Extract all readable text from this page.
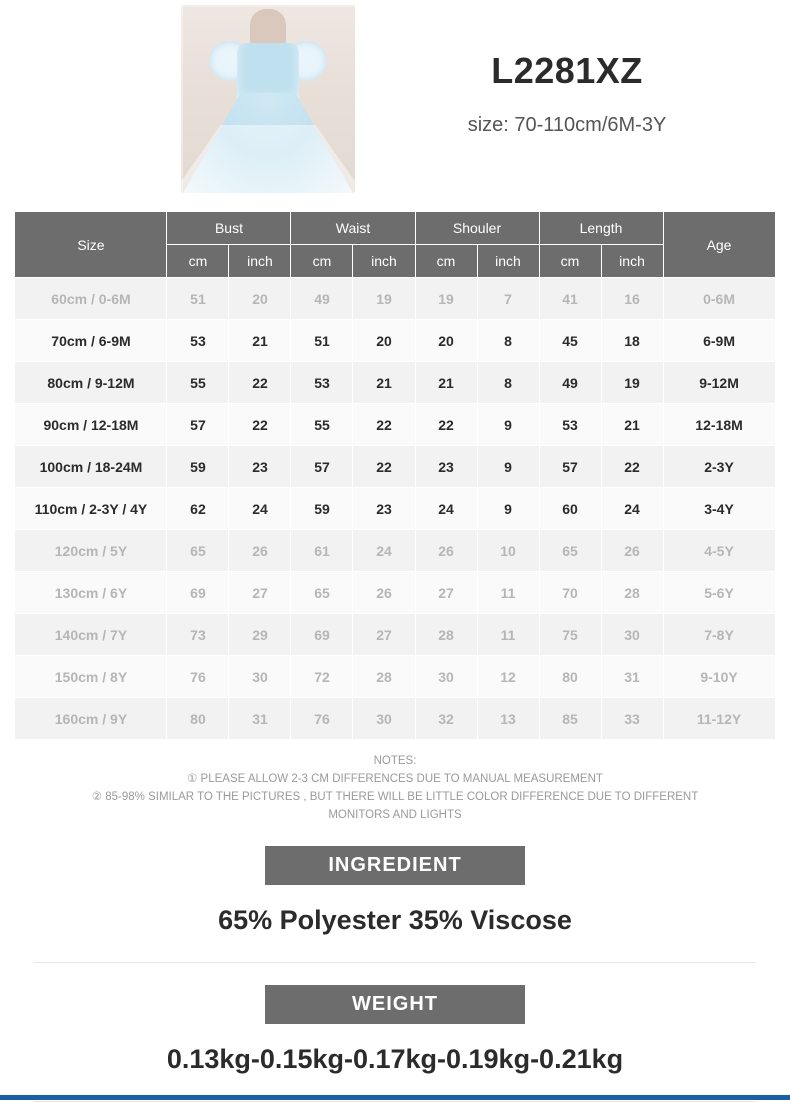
L2281XZ
size: 70-110cm/6M-3Y
Size	Bust		Waist		Shouler		Length		Age
	cm	inch	cm	inch	cm	inch	cm	inch	
60cm / 0-6M	51	20	49	19	19	7	41	16	0-6M
70cm / 6-9M	53	21	51	20	20	8	45	18	6-9M
80cm / 9-12M	55	22	53	21	21	8	49	19	9-12M
90cm / 12-18M	57	22	55	22	22	9	53	21	12-18M
100cm / 18-24M	59	23	57	22	23	9	57	22	2-3Y
110cm / 2-3Y / 4Y	62	24	59	23	24	9	60	24	3-4Y
120cm / 5Y	65	26	61	24	26	10	65	26	4-5Y
130cm / 6Y	69	27	65	26	27	11	70	28	5-6Y
140cm / 7Y	73	29	69	27	28	11	75	30	7-8Y
150cm / 8Y	76	30	72	28	30	12	80	31	9-10Y
160cm / 9Y	80	31	76	30	32	13	85	33	11-12Y
NOTES:
① PLEASE ALLOW 2-3 CM DIFFERENCES DUE TO MANUAL MEASUREMENT
② 85-98% SIMILAR TO THE PICTURES , BUT THERE WILL BE LITTLE COLOR DIFFERENCE DUE TO DIFFERENT
MONITORS AND LIGHTS
INGREDIENT
65% Polyester 35% Viscose
WEIGHT
0.13kg-0.15kg-0.17kg-0.19kg-0.21kg
